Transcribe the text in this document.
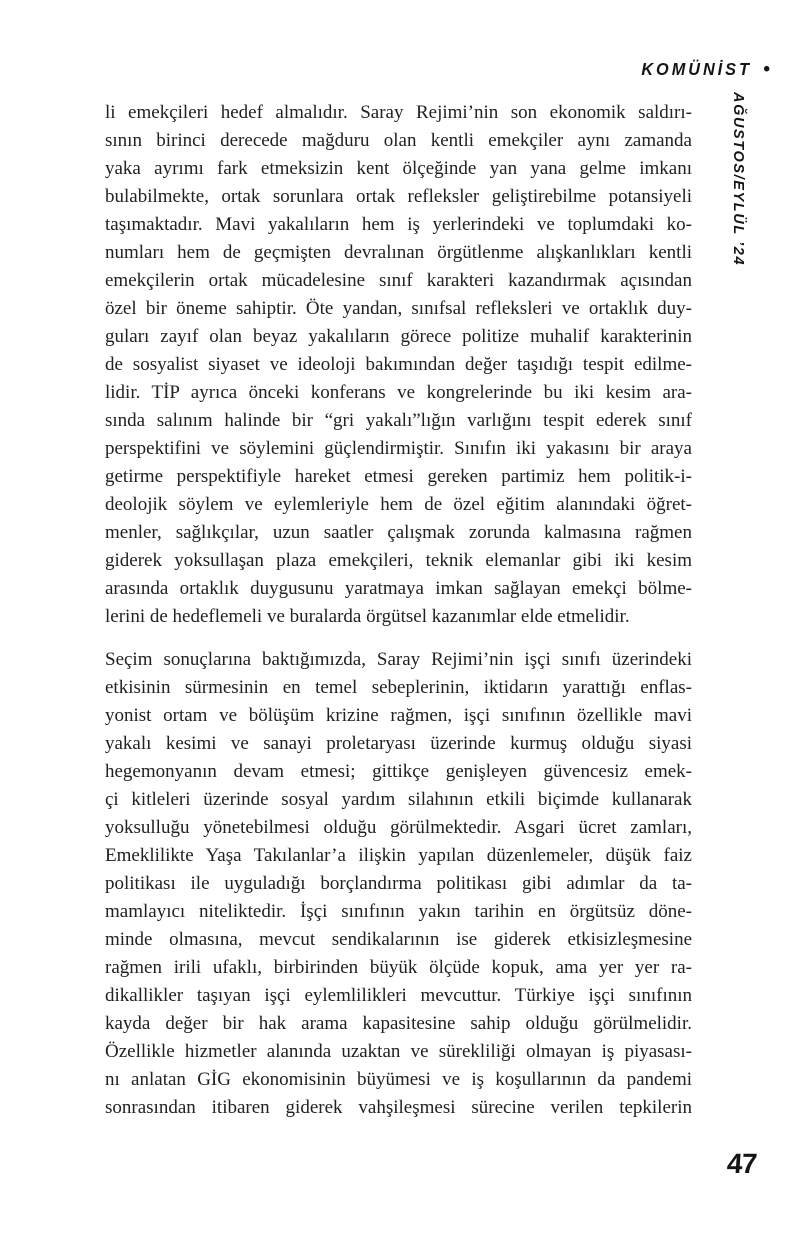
KOMÜNİST •
AĞUSTOS/EYLÜL ’24
li emekçileri hedef almalıdır. Saray Rejimi’nin son ekonomik saldırı-
sının birinci derecede mağduru olan kentli emekçiler aynı zamanda
yaka ayrımı fark etmeksizin kent ölçeğinde yan yana gelme imkanı
bulabilmekte, ortak sorunlara ortak refleksler geliştirebilme potansiyeli
taşımaktadır. Mavi yakalıların hem iş yerlerindeki ve toplumdaki ko-
numları hem de geçmişten devralınan örgütlenme alışkanlıkları kentli
emekçilerin ortak mücadelesine sınıf karakteri kazandırmak açısından
özel bir öneme sahiptir. Öte yandan, sınıfsal refleksleri ve ortaklık duy-
guları zayıf olan beyaz yakalıların görece politize muhalif karakterinin
de sosyalist siyaset ve ideoloji bakımından değer taşıdığı tespit edilme-
lidir. TİP ayrıca önceki konferans ve kongrelerinde bu iki kesim ara-
sında salınım halinde bir “gri yakalı”lığın varlığını tespit ederek sınıf
perspektifini ve söylemini güçlendirmiştir. Sınıfın iki yakasını bir araya
getirme perspektifiyle hareket etmesi gereken partimiz hem politik-i-
deolojik söylem ve eylemleriyle hem de özel eğitim alanındaki öğret-
menler, sağlıkçılar, uzun saatler çalışmak zorunda kalmasına rağmen
giderek yoksullaşan plaza emekçileri, teknik elemanlar gibi iki kesim
arasında ortaklık duygusunu yaratmaya imkan sağlayan emekçi bölme-
lerini de hedeflemeli ve buralarda örgütsel kazanımlar elde etmelidir.
Seçim sonuçlarına baktığımızda, Saray Rejimi’nin işçi sınıfı üzerindeki
etkisinin sürmesinin en temel sebeplerinin, iktidarın yarattığı enflas-
yonist ortam ve bölüşüm krizine rağmen, işçi sınıfının özellikle mavi
yakalı kesimi ve sanayi proletaryası üzerinde kurmuş olduğu siyasi
hegemonyanın devam etmesi; gittikçe genişleyen güvencesiz emek-
çi kitleleri üzerinde sosyal yardım silahının etkili biçimde kullanarak
yoksulluğu yönetebilmesi olduğu görülmektedir. Asgari ücret zamları,
Emeklilikte Yaşa Takılanlar’a ilişkin yapılan düzenlemeler, düşük faiz
politikası ile uyguladığı borçlandırma politikası gibi adımlar da ta-
mamlayıcı niteliktedir. İşçi sınıfının yakın tarihin en örgütsüz döne-
minde olmasına, mevcut sendikalarının ise giderek etkisizleşmesine
rağmen irili ufaklı, birbirinden büyük ölçüde kopuk, ama yer yer ra-
dikallikler taşıyan işçi eylemlilikleri mevcuttur. Türkiye işçi sınıfının
kayda değer bir hak arama kapasitesine sahip olduğu görülmelidir.
Özellikle hizmetler alanında uzaktan ve sürekliliği olmayan iş piyasası-
nı anlatan GİG ekonomisinin büyümesi ve iş koşullarının da pandemi
sonrasından itibaren giderek vahşileşmesi sürecine verilen tepkilerin
47
